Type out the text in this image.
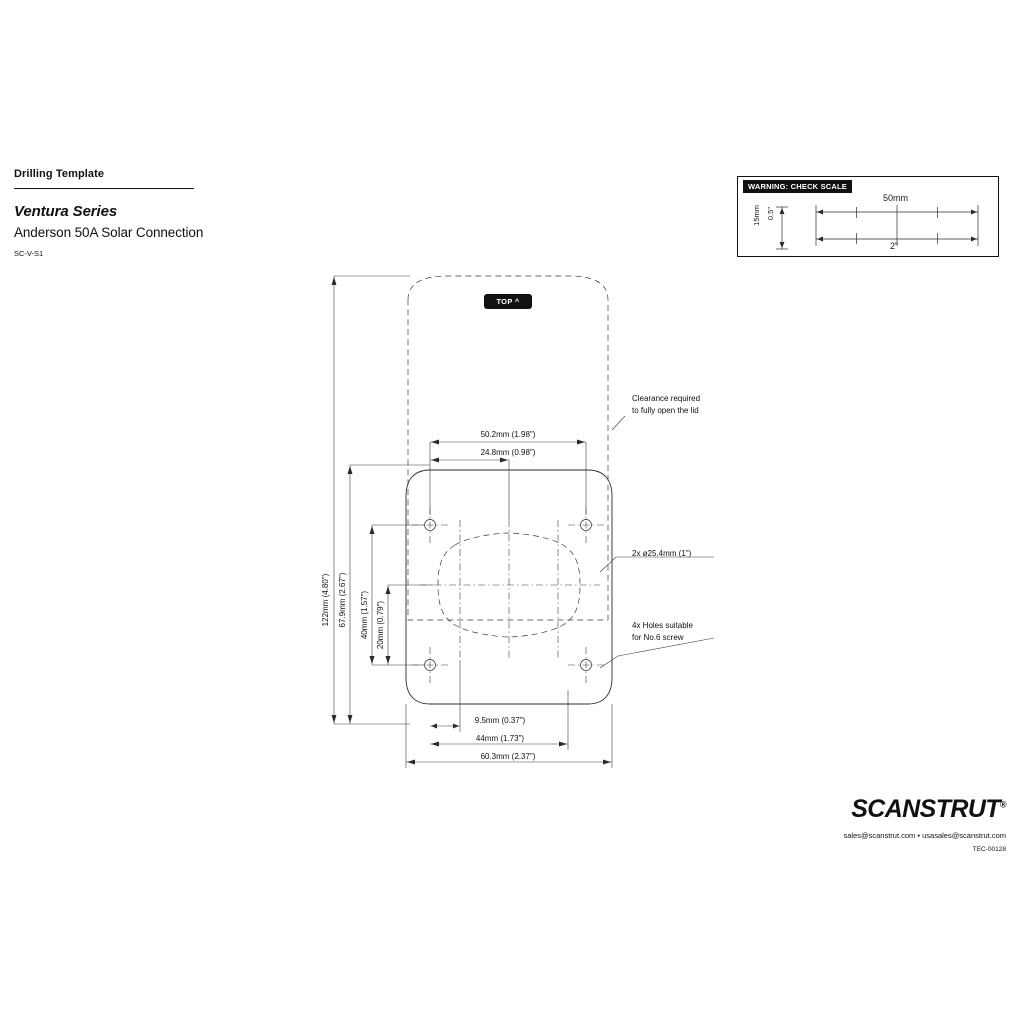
Drilling Template
Ventura Series
Anderson 50A Solar Connection
SC-V-S1
WARNING: CHECK SCALE
15mm 0.5"
50mm
2"
122mm (4.80") 67.9mm (2.67") 40mm (1.57") 20mm (0.79")
50.2mm (1.98")
24.8mm (0.98")
9.5mm (0.37")
44mm (1.73")
60.3mm (2.37")
Clearance required
to fully open the lid
2x ø25.4mm (1")
4x Holes suitable
for No.6 screw
TOP ^
SCANSTRUT®
sales@scanstrut.com • usasales@scanstrut.com
TEC-00128
